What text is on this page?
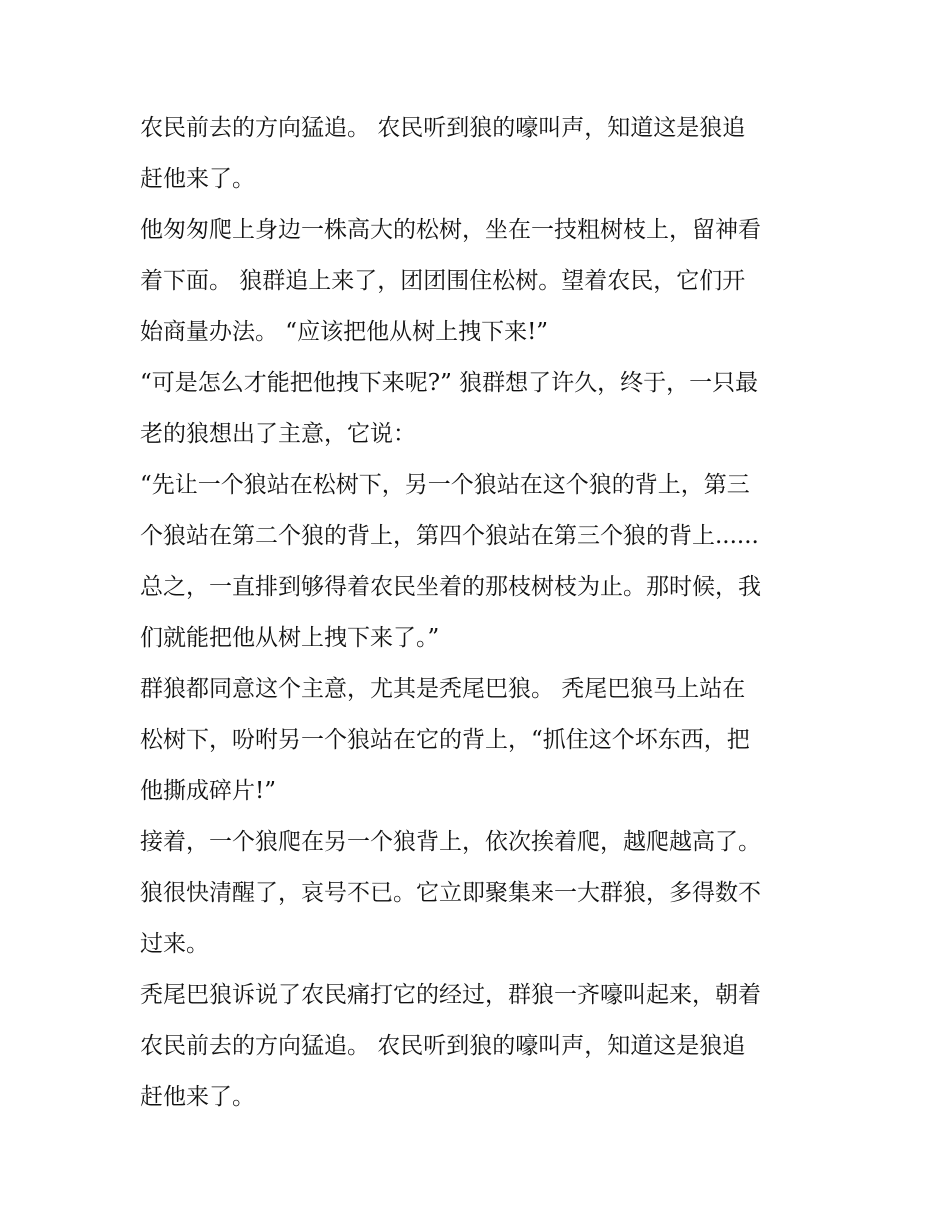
农民前去的方向猛追。 农民听到狼的嚎叫声，知道这是狼追
赶他来了。
他匆匆爬上身边一株高大的松树，坐在一技粗树枝上，留神看
着下面。 狼群追上来了，团团围住松树。望着农民，它们开
始商量办法。 “应该把他从树上拽下来!”
“可是怎么才能把他拽下来呢?” 狼群想了许久，终于，一只最
老的狼想出了主意，它说：
“先让一个狼站在松树下，另一个狼站在这个狼的背上，第三
个狼站在第二个狼的背上，第四个狼站在第三个狼的背上......
总之，一直排到够得着农民坐着的那枝树枝为止。那时候，我
们就能把他从树上拽下来了。”
群狼都同意这个主意，尤其是秃尾巴狼。 秃尾巴狼马上站在
松树下，吩咐另一个狼站在它的背上，“抓住这个坏东西，把
他撕成碎片!”
接着，一个狼爬在另一个狼背上，依次挨着爬，越爬越高了。
狼很快清醒了，哀号不已。它立即聚集来一大群狼，多得数不
过来。
秃尾巴狼诉说了农民痛打它的经过，群狼一齐嚎叫起来，朝着
农民前去的方向猛追。 农民听到狼的嚎叫声，知道这是狼追
赶他来了。
